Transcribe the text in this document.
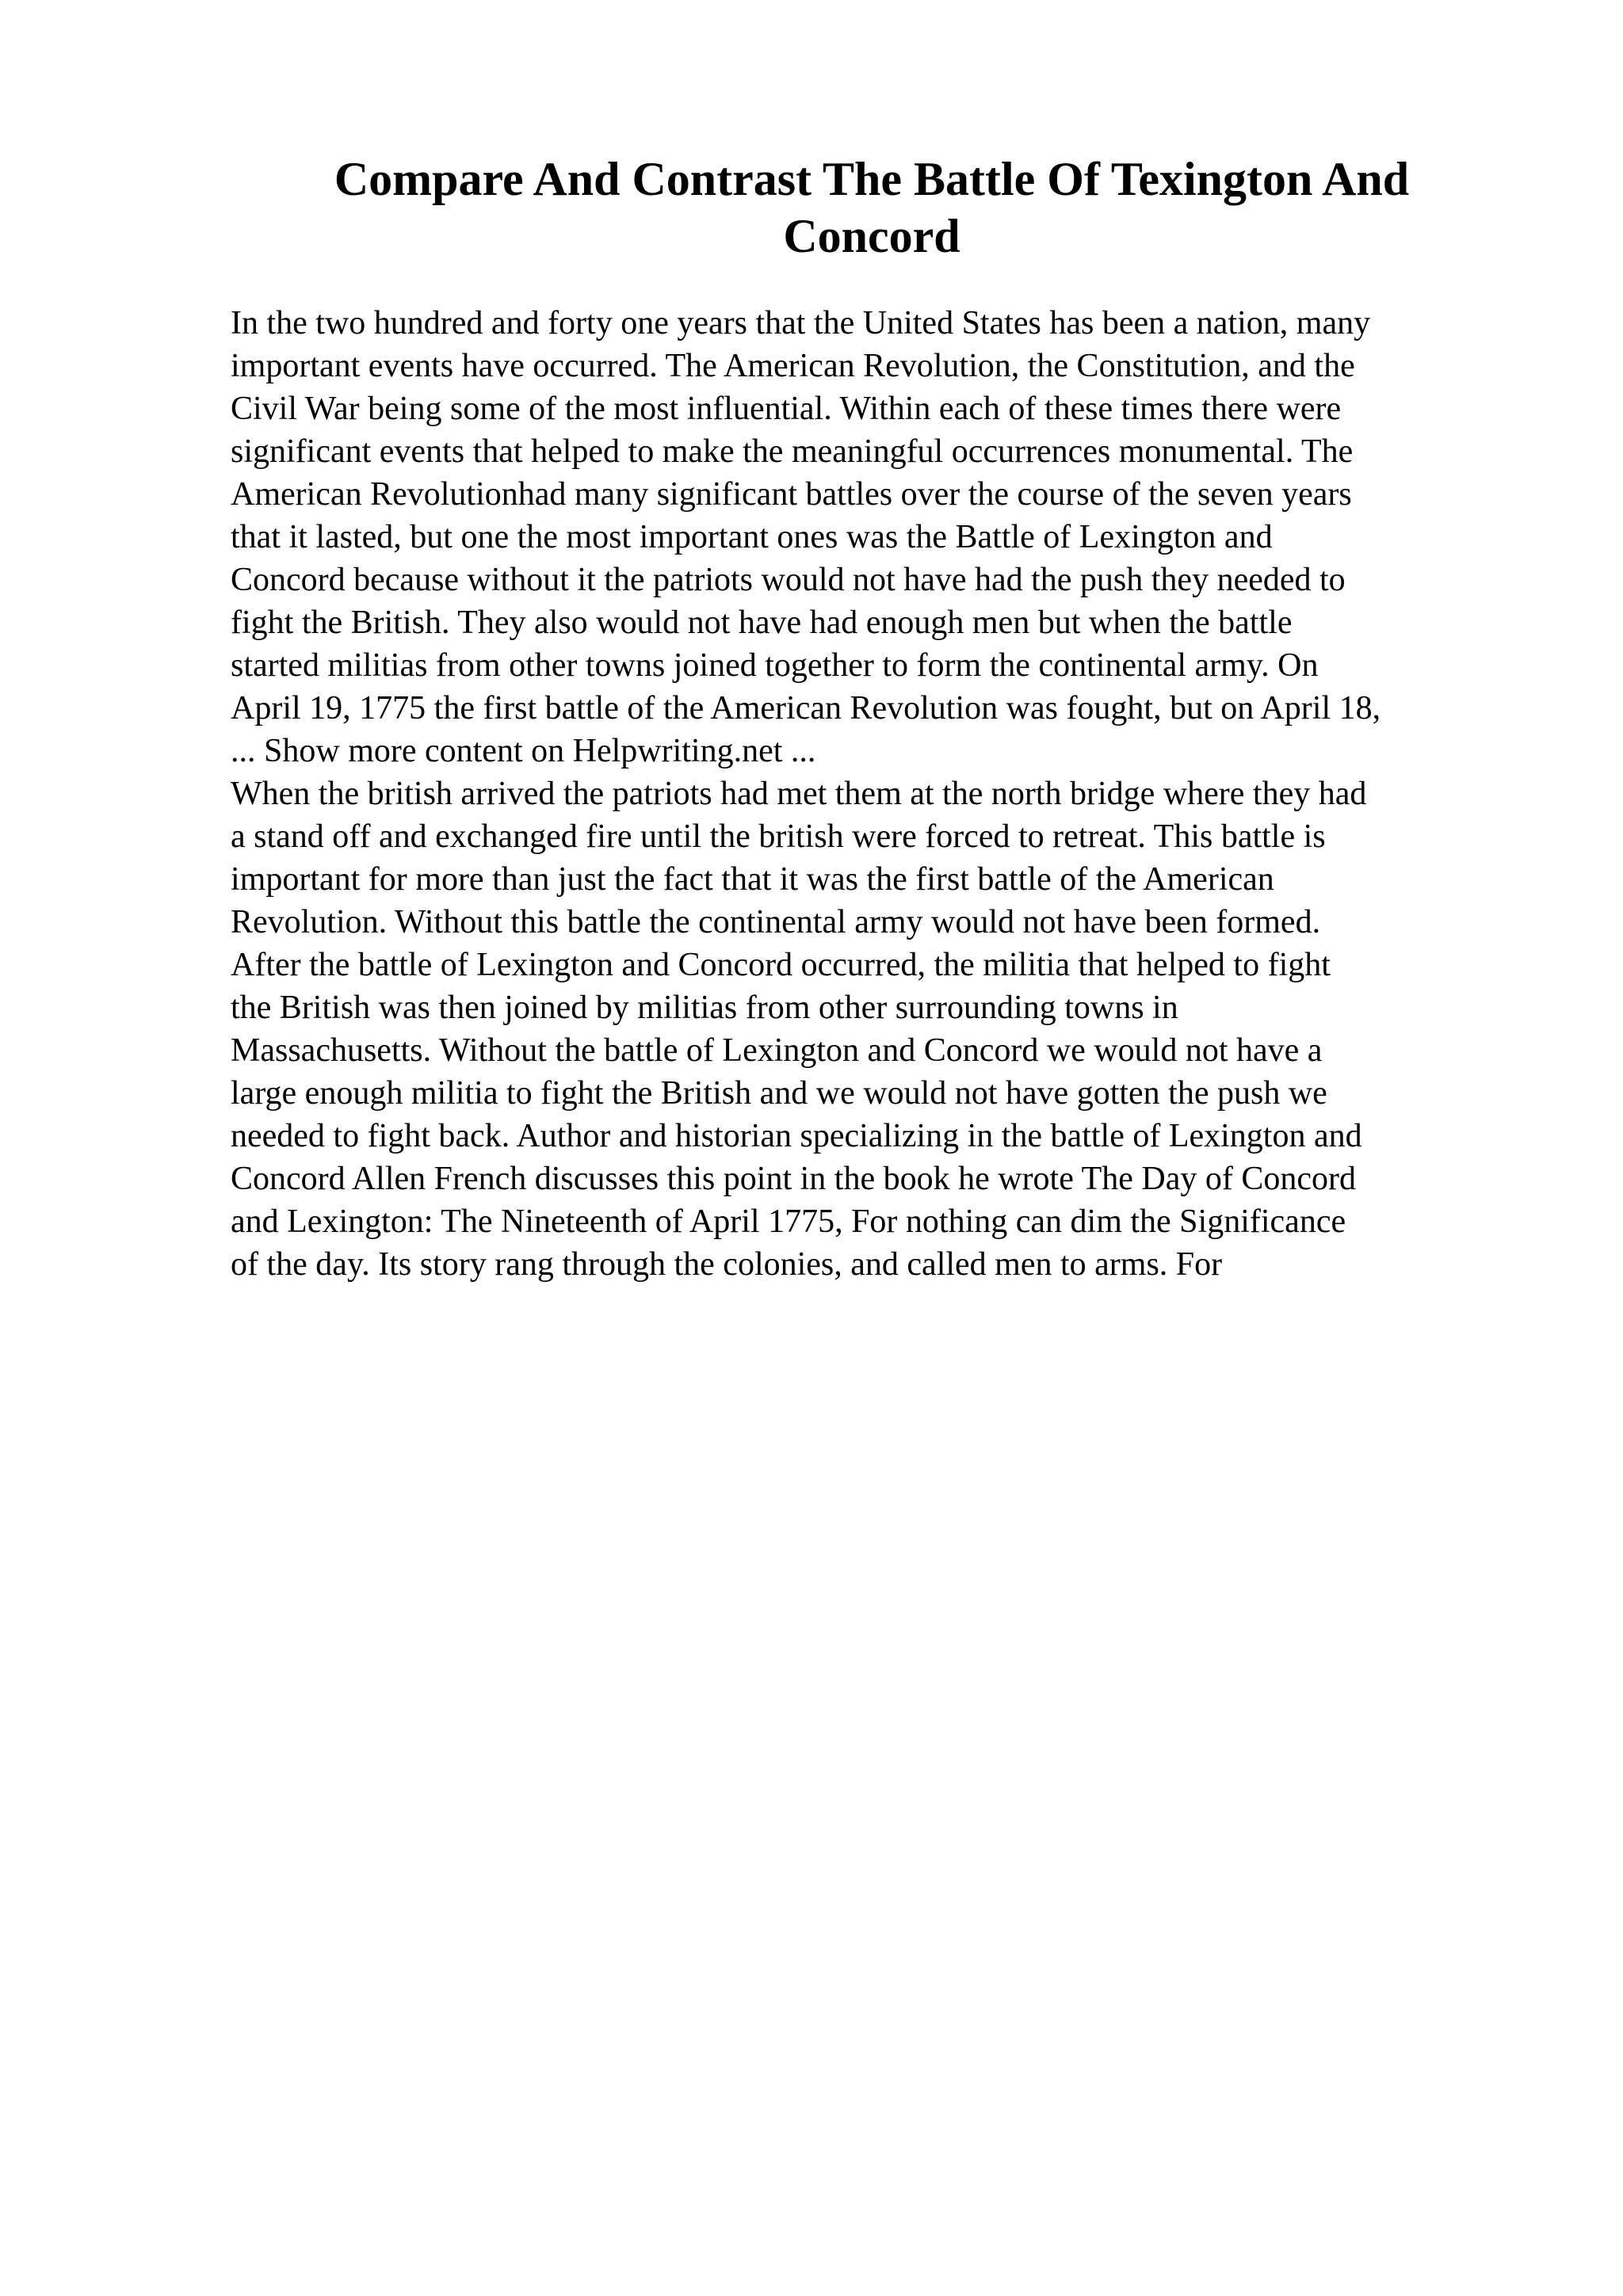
Compare And Contrast The Battle Of Texington And
Concord
In the two hundred and forty one years that the United States has been a nation, many
important events have occurred. The American Revolution, the Constitution, and the
Civil War being some of the most influential. Within each of these times there were
significant events that helped to make the meaningful occurrences monumental. The
American Revolutionhad many significant battles over the course of the seven years
that it lasted, but one the most important ones was the Battle of Lexington and
Concord because without it the patriots would not have had the push they needed to
fight the British. They also would not have had enough men but when the battle
started militias from other towns joined together to form the continental army. On
April 19, 1775 the first battle of the American Revolution was fought, but on April 18,
... Show more content on Helpwriting.net ...
When the british arrived the patriots had met them at the north bridge where they had
a stand off and exchanged fire until the british were forced to retreat. This battle is
important for more than just the fact that it was the first battle of the American
Revolution. Without this battle the continental army would not have been formed.
After the battle of Lexington and Concord occurred, the militia that helped to fight
the British was then joined by militias from other surrounding towns in
Massachusetts. Without the battle of Lexington and Concord we would not have a
large enough militia to fight the British and we would not have gotten the push we
needed to fight back. Author and historian specializing in the battle of Lexington and
Concord Allen French discusses this point in the book he wrote The Day of Concord
and Lexington: The Nineteenth of April 1775, For nothing can dim the Significance
of the day. Its story rang through the colonies, and called men to arms. For
